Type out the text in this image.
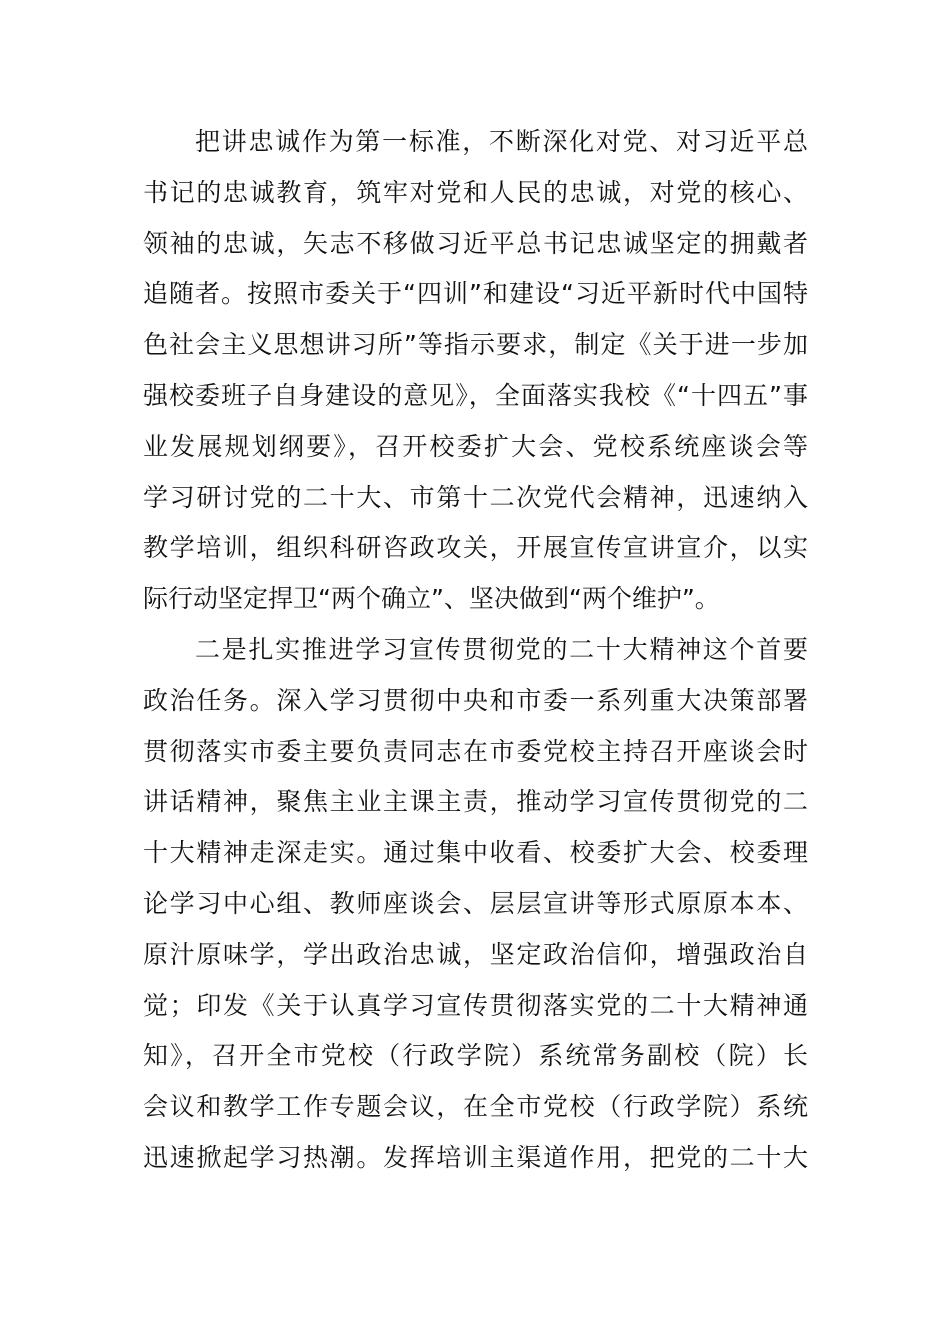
把讲忠诚作为第一标准，不断深化对党、对习近平总
书记的忠诚教育，筑牢对党和人民的忠诚，对党的核心、
领袖的忠诚，矢志不移做习近平总书记忠诚坚定的拥戴者
追随者。按照市委关于“四训”和建设“习近平新时代中国特
色社会主义思想讲习所”等指示要求，制定《关于进一步加
强校委班子自身建设的意见》，全面落实我校《“十四五”事
业发展规划纲要》，召开校委扩大会、党校系统座谈会等
学习研讨党的二十大、市第十二次党代会精神，迅速纳入
教学培训，组织科研咨政攻关，开展宣传宣讲宣介，以实
际行动坚定捍卫“两个确立”、坚决做到“两个维护”。
二是扎实推进学习宣传贯彻党的二十大精神这个首要
政治任务。深入学习贯彻中央和市委一系列重大决策部署
贯彻落实市委主要负责同志在市委党校主持召开座谈会时
讲话精神，聚焦主业主课主责，推动学习宣传贯彻党的二
十大精神走深走实。通过集中收看、校委扩大会、校委理
论学习中心组、教师座谈会、层层宣讲等形式原原本本、
原汁原味学，学出政治忠诚，坚定政治信仰，增强政治自
觉；印发《关于认真学习宣传贯彻落实党的二十大精神通
知》，召开全市党校（行政学院）系统常务副校（院）长
会议和教学工作专题会议，在全市党校（行政学院）系统
迅速掀起学习热潮。发挥培训主渠道作用，把党的二十大
